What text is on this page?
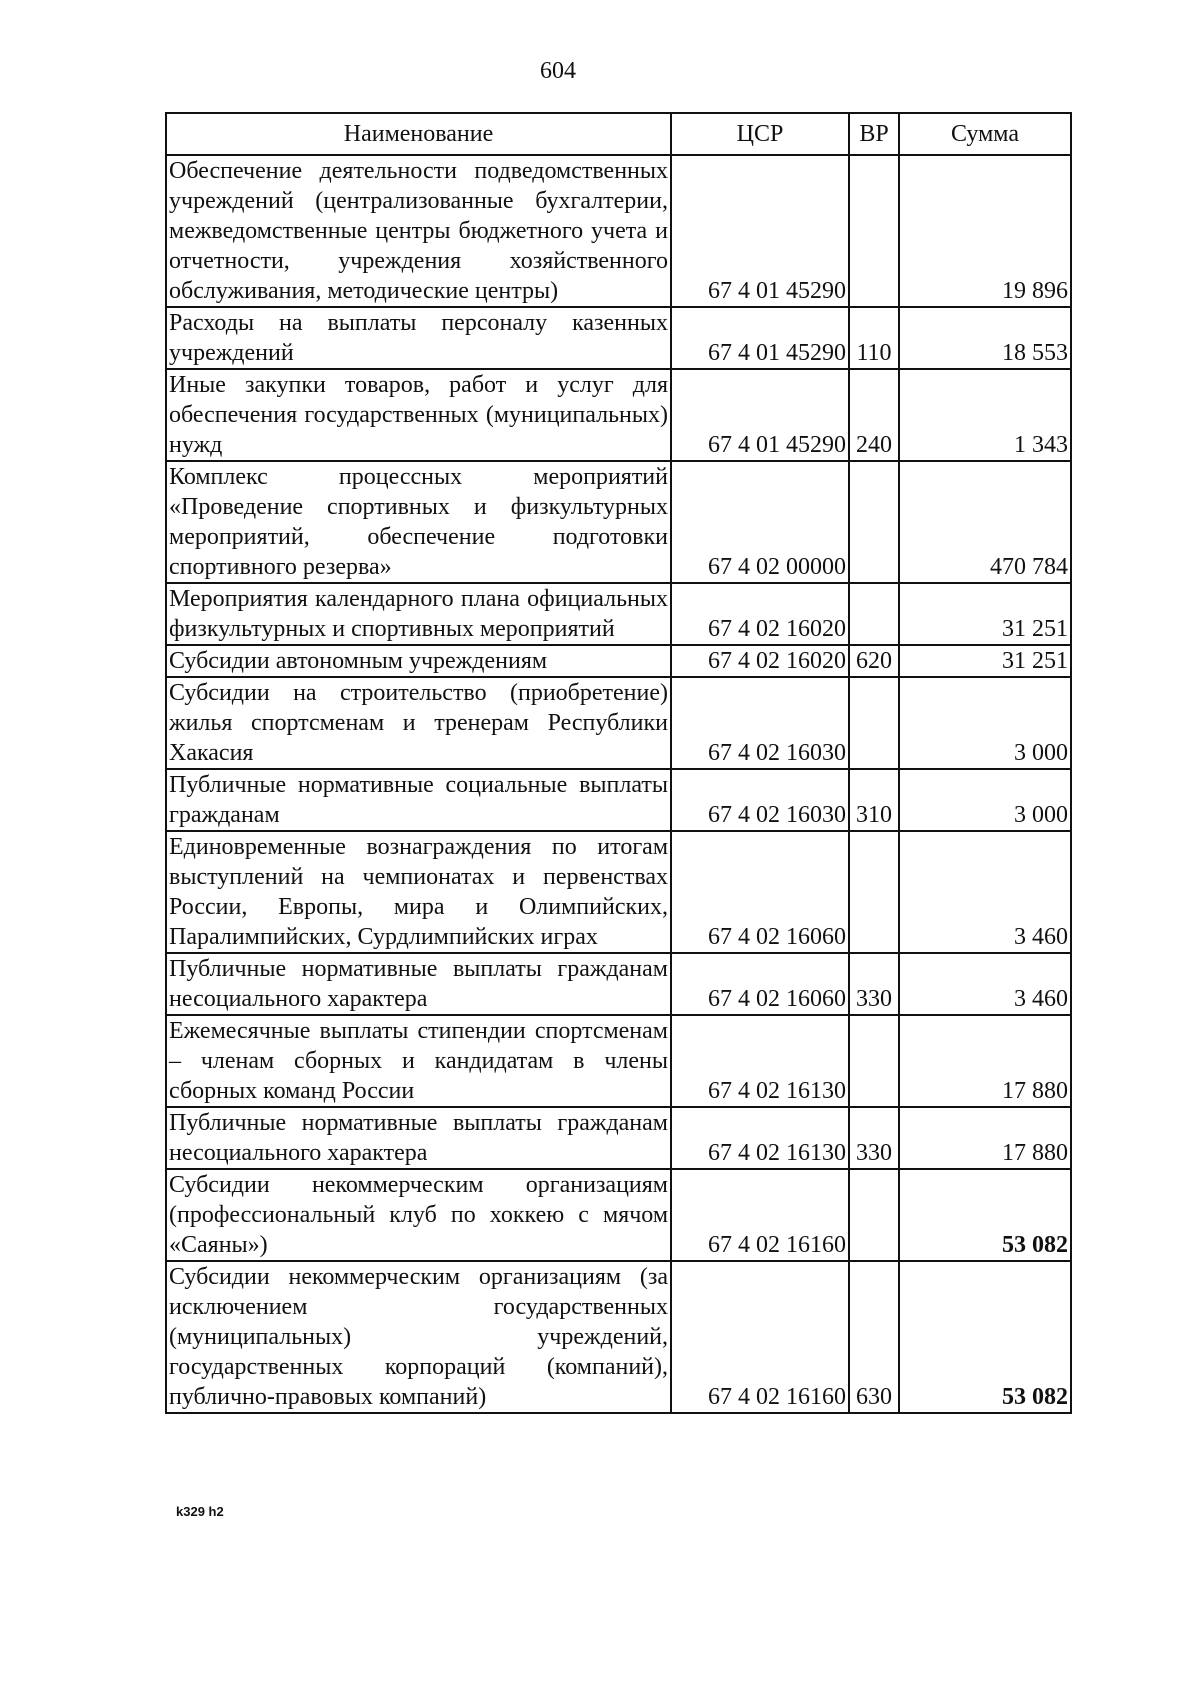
604
Наименование	ЦСР	ВР	Сумма
Обеспечение деятельности подведомственных учреждений (централизованные бухгалтерии, межведомственные центры бюджетного учета и отчетности, учреждения хозяйственного обслуживания, методические центры)	67 4 01 45290		19 896
Расходы на выплаты персоналу казенных учреждений	67 4 01 45290	110	18 553
Иные закупки товаров, работ и услуг для обеспечения государственных (муниципальных) нужд	67 4 01 45290	240	1 343
Комплекс процессных мероприятий «Проведение спортивных и физкультурных мероприятий, обеспечение подготовки спортивного резерва»	67 4 02 00000		470 784
Мероприятия календарного плана официальных физкультурных и спортивных мероприятий	67 4 02 16020		31 251
Субсидии автономным учреждениям	67 4 02 16020	620	31 251
Субсидии на строительство (приобретение) жилья спортсменам и тренерам Республики Хакасия	67 4 02 16030		3 000
Публичные нормативные социальные выплаты гражданам	67 4 02 16030	310	3 000
Единовременные вознаграждения по итогам выступлений на чемпионатах и первенствах России, Европы, мира и Олимпийских, Паралимпийских, Сурдлимпийских играх	67 4 02 16060		3 460
Публичные нормативные выплаты гражданам несоциального характера	67 4 02 16060	330	3 460
Ежемесячные выплаты стипендии спортсменам – членам сборных и кандидатам в члены сборных команд России	67 4 02 16130		17 880
Публичные нормативные выплаты гражданам несоциального характера	67 4 02 16130	330	17 880
Субсидии некоммерческим организациям (профессиональный клуб по хоккею с мячом «Саяны»)	67 4 02 16160		53 082
Субсидии некоммерческим организациям (за исключением государственных (муниципальных) учреждений, государственных корпораций (компаний), публично-правовых компаний)	67 4 02 16160	630	53 082
k329 h2
